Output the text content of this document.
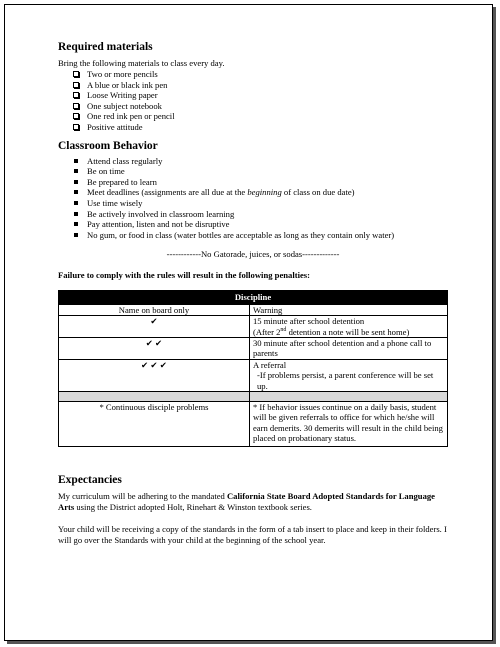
Required materials

Bring the following materials to class every day.

Two or more pencils
A blue or black ink pen
Loose Writing paper
One subject notebook
One red ink pen or pencil
Positive attitude
Classroom Behavior
Attend class regularly
Be on time
Be prepared to learn
Meet deadlines (assignments are all due at the beginning of class on due date)
Use time wisely
Be actively involved in classroom learning
Pay attention, listen and not be disruptive
No gum, or food in class (water bottles are acceptable as long as they contain only water)

------------No Gatorade, juices, or sodas-------------

Failure to comply with the rules will result in the following penalties:

Discipline	
Name on board only	Warning
✔	15 minute after school detention
(After 2nd detention a note will be sent home)

✔ ✔	30 minute after school detention and a phone call to parents
✔ ✔ ✔	A referral
-If problems persist, a parent conference will be set up.

* Continuous disciple problems	* If behavior issues continue on a daily basis, student will be given referrals to office for which he/she will earn demerits. 30 demerits will result in the child being placed on probationary status.
Expectancies

My curriculum will be adhering to the mandated California State Board Adopted Standards for Language Arts using the District adopted Holt, Rinehart & Winston textbook series.

Your child will be receiving a copy of the standards in the form of a tab insert to place and keep in their folders. I will go over the Standards with your child at the beginning of the school year.
